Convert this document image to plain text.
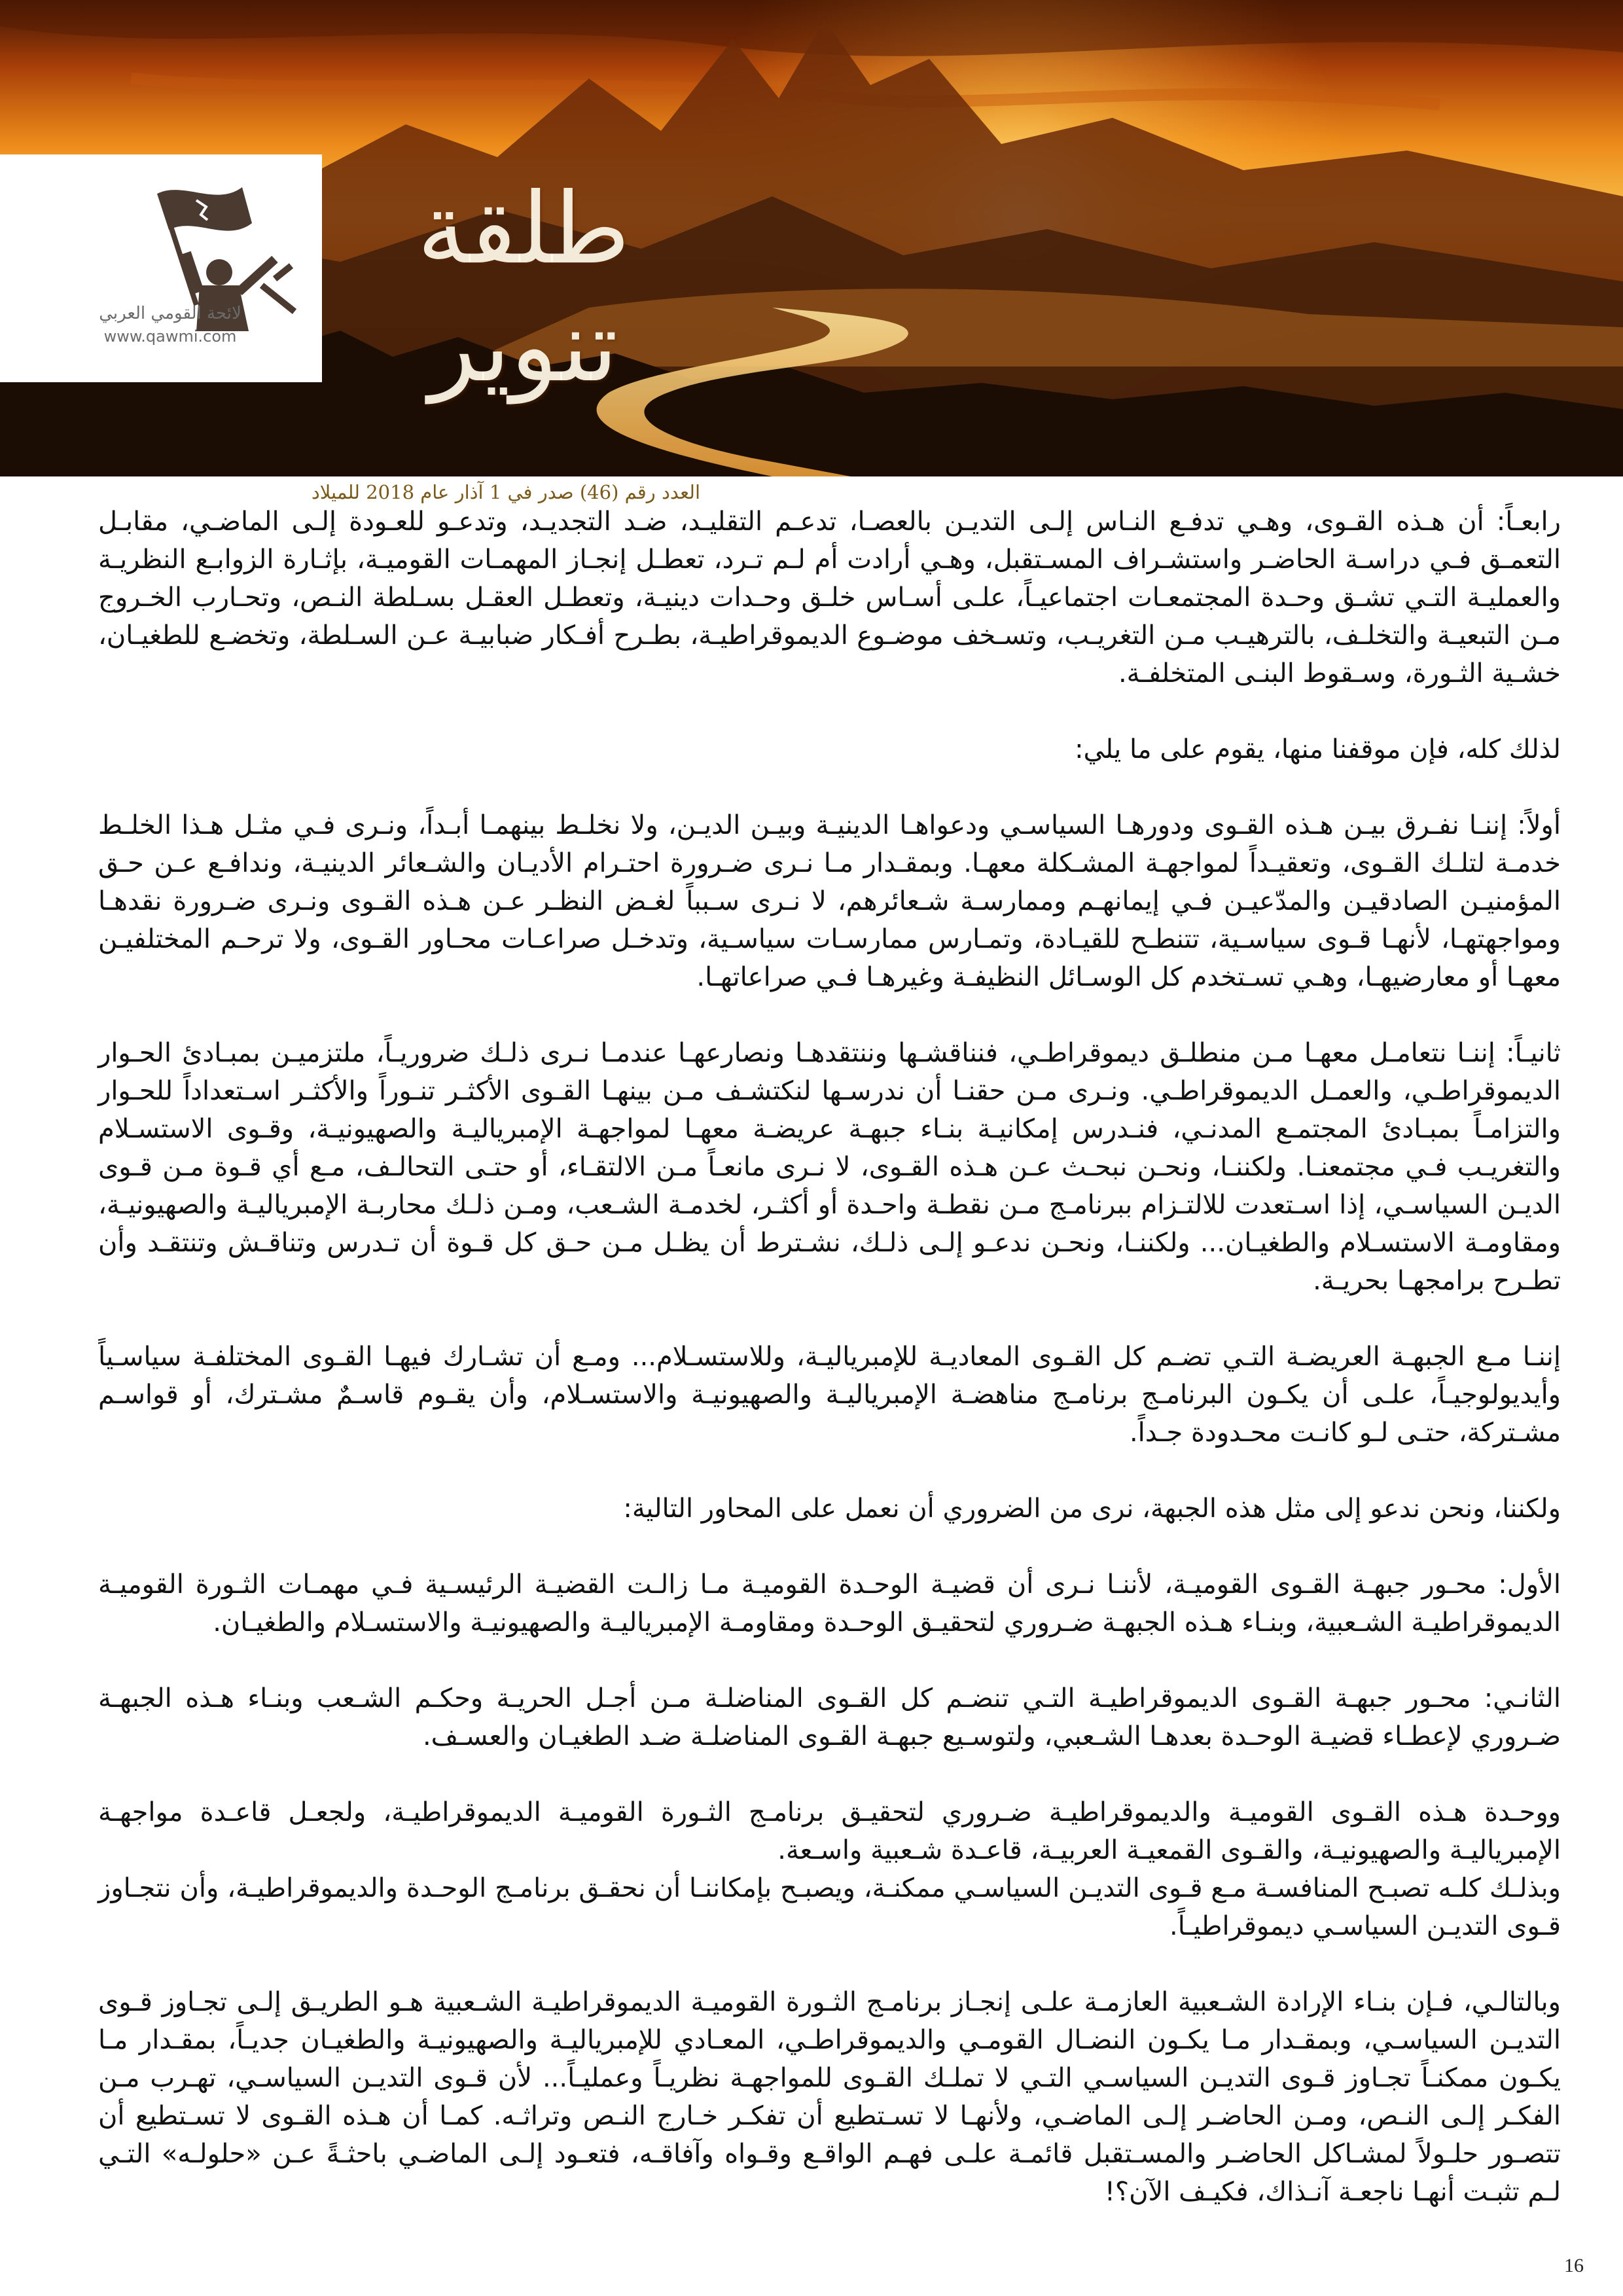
لائحة القومي العربي
www.qawmi.com
طلقة تنوير
العدد رقم (46) صدر في 1 آذار عام 2018 للميلاد

رابعـاً: أن هـذه القـوى، وهـي تدفـع النـاس إلـى التديـن بالعصـا، تدعـم التقليـد، ضـد التجديـد، وتدعـو للعـودة إلـى الماضـي، مقابـل التعمـق فـي دراسـة الحاضـر واستشـراف المسـتقبل، وهـي أرادت أم لـم تـرد، تعطـل إنجـاز المهمـات القوميـة، بإثـارة الزوابـع النظريـة والعمليـة التـي تشـق وحـدة المجتمعـات اجتماعيـاً، علـى أسـاس خلـق وحـدات دينيـة، وتعطـل العقـل بسـلطة النـص، وتحـارب الخـروج مـن التبعيـة والتخلـف، بالترهيـب مـن التغريـب، وتسـخف موضـوع الديموقراطيـة، بطـرح أفـكار ضبابيـة عـن السـلطة، وتخضـع للطغيـان، خشـية الثـورة، وسـقوط البنـى المتخلفـة.

لذلك كله، فإن موقفنا منها، يقوم على ما يلي:

أولاً: إننـا نفـرق بيـن هـذه القـوى ودورهـا السياسـي ودعواهـا الدينيـة وبيـن الديـن، ولا نخلـط بينهمـا أبـداً، ونـرى فـي مثـل هـذا الخلـط خدمـة لتلـك القـوى، وتعقيـداً لمواجهـة المشـكلة معهـا. وبمقـدار مـا نـرى ضـرورة احتـرام الأديـان والشـعائر الدينيـة، وندافـع عـن حـق المؤمنيـن الصادقيـن والمدّعيـن فـي إيمانهـم وممارسـة شـعائرهم، لا نـرى سـبباً لغـض النظـر عـن هـذه القـوى ونـرى ضـرورة نقدهـا ومواجهتهـا، لأنهـا قـوى سياسـية، تتنطـح للقيـادة، وتمـارس ممارسـات سياسـية، وتدخـل صراعـات محـاور القـوى، ولا ترحـم المختلفيـن معهـا أو معارضيهـا، وهـي تسـتخدم كل الوسـائل النظيفـة وغيرهـا فـي صراعاتهـا.

ثانيـاً: إننـا نتعامـل معهـا مـن منطلـق ديموقراطـي، فنناقشـها وننتقدهـا ونصارعهـا عندمـا نـرى ذلـك ضروريـاً، ملتزميـن بمبـادئ الحـوار الديموقراطـي، والعمـل الديموقراطـي. ونـرى مـن حقنـا أن ندرسـها لنكتشـف مـن بينهـا القـوى الأكثـر تنـوراً والأكثـر اسـتعداداً للحـوار والتزامـاً بمبـادئ المجتمـع المدنـي، فنـدرس إمكانيـة بنـاء جبهـة عريضـة معهـا لمواجهـة الإمبرياليـة والصهيونيـة، وقـوى الاستسـلام والتغريـب فـي مجتمعنـا. ولكننـا، ونحـن نبحـث عـن هـذه القـوى، لا نـرى مانعـاً مـن الالتقـاء، أو حتـى التحالـف، مـع أي قـوة مـن قـوى الديـن السياسـي، إذا اسـتعدت للالتـزام ببرنامـج مـن نقطـة واحـدة أو أكثـر، لخدمـة الشـعب، ومـن ذلـك محاربـة الإمبرياليـة والصهيونيـة، ومقاومـة الاستسـلام والطغيـان... ولكننـا، ونحـن ندعـو إلـى ذلـك، نشـترط أن يظـل مـن حـق كل قـوة أن تـدرس وتناقـش وتنتقـد وأن تطـرح برامجهـا بحريـة.

إننـا مـع الجبهـة العريضـة التـي تضـم كل القـوى المعاديـة للإمبرياليـة، وللاستسـلام... ومـع أن تشـارك فيهـا القـوى المختلفـة سياسـياً وأيديولوجيـاً، علـى أن يكـون البرنامـج برنامـج مناهضـة الإمبرياليـة والصهيونيـة والاستسـلام، وأن يقـوم قاسـمٌ مشـترك، أو قواسـم مشـتركة، حتـى لـو كانـت محـدودة جـداً.

ولكننا، ونحن ندعو إلى مثل هذه الجبهة، نرى من الضروري أن نعمل على المحاور التالية:

الأول: محـور جبهـة القـوى القوميـة، لأننـا نـرى أن قضيـة الوحـدة القوميـة مـا زالـت القضيـة الرئيسـية فـي مهمـات الثـورة القوميـة الديموقراطيـة الشـعبية، وبنـاء هـذه الجبهـة ضـروري لتحقيـق الوحـدة ومقاومـة الإمبرياليـة والصهيونيـة والاستسـلام والطغيـان.

الثانـي: محـور جبهـة القـوى الديموقراطيـة التـي تنضـم كل القـوى المناضلـة مـن أجـل الحريـة وحكـم الشـعب وبنـاء هـذه الجبهـة ضـروري لإعطـاء قضيـة الوحـدة بعدهـا الشـعبي، ولتوسـيع جبهـة القـوى المناضلـة ضـد الطغيـان والعسـف.

ووحـدة هـذه القـوى القوميـة والديموقراطيـة ضـروري لتحقيـق برنامـج الثـورة القوميـة الديموقراطيـة، ولجعـل قاعـدة مواجهـة الإمبرياليـة والصهيونيـة، والقـوى القمعيـة العربيـة، قاعـدة شـعبية واسـعة.

وبذلـك كلـه تصبـح المنافسـة مـع قـوى التديـن السياسـي ممكنـة، ويصبـح بإمكاننـا أن نحقـق برنامـج الوحـدة والديموقراطيـة، وأن نتجـاوز قـوى التديـن السياسـي ديموقراطيـاً.

وبالتالـي، فـإن بنـاء الإرادة الشـعبية العازمـة علـى إنجـاز برنامـج الثـورة القوميـة الديموقراطيـة الشـعبية هـو الطريـق إلـى تجـاوز قـوى التديـن السياسـي، وبمقـدار مـا يكـون النضـال القومـي والديموقراطـي، المعـادي للإمبرياليـة والصهيونيـة والطغيـان جديـاً، بمقـدار مـا يكـون ممكنـاً تجـاوز قـوى التديـن السياسـي التـي لا تملـك القـوى للمواجهـة نظريـاً وعمليـاً... لأن قـوى التديـن السياسـي، تهـرب مـن الفكـر إلـى النـص، ومـن الحاضـر إلـى الماضـي، ولأنهـا لا تسـتطيع أن تفكـر خـارج النـص وتراثـه. كمـا أن هـذه القـوى لا تسـتطيع أن تتصـور حلـولاً لمشـاكل الحاضـر والمسـتقبل قائمـة علـى فهـم الواقـع وقـواه وآفاقـه، فتعـود إلـى الماضـي باحثـةً عـن «حلولـه» التـي لـم تثبـت أنهـا ناجعـة آنـذاك، فكيـف الآن؟!

16
